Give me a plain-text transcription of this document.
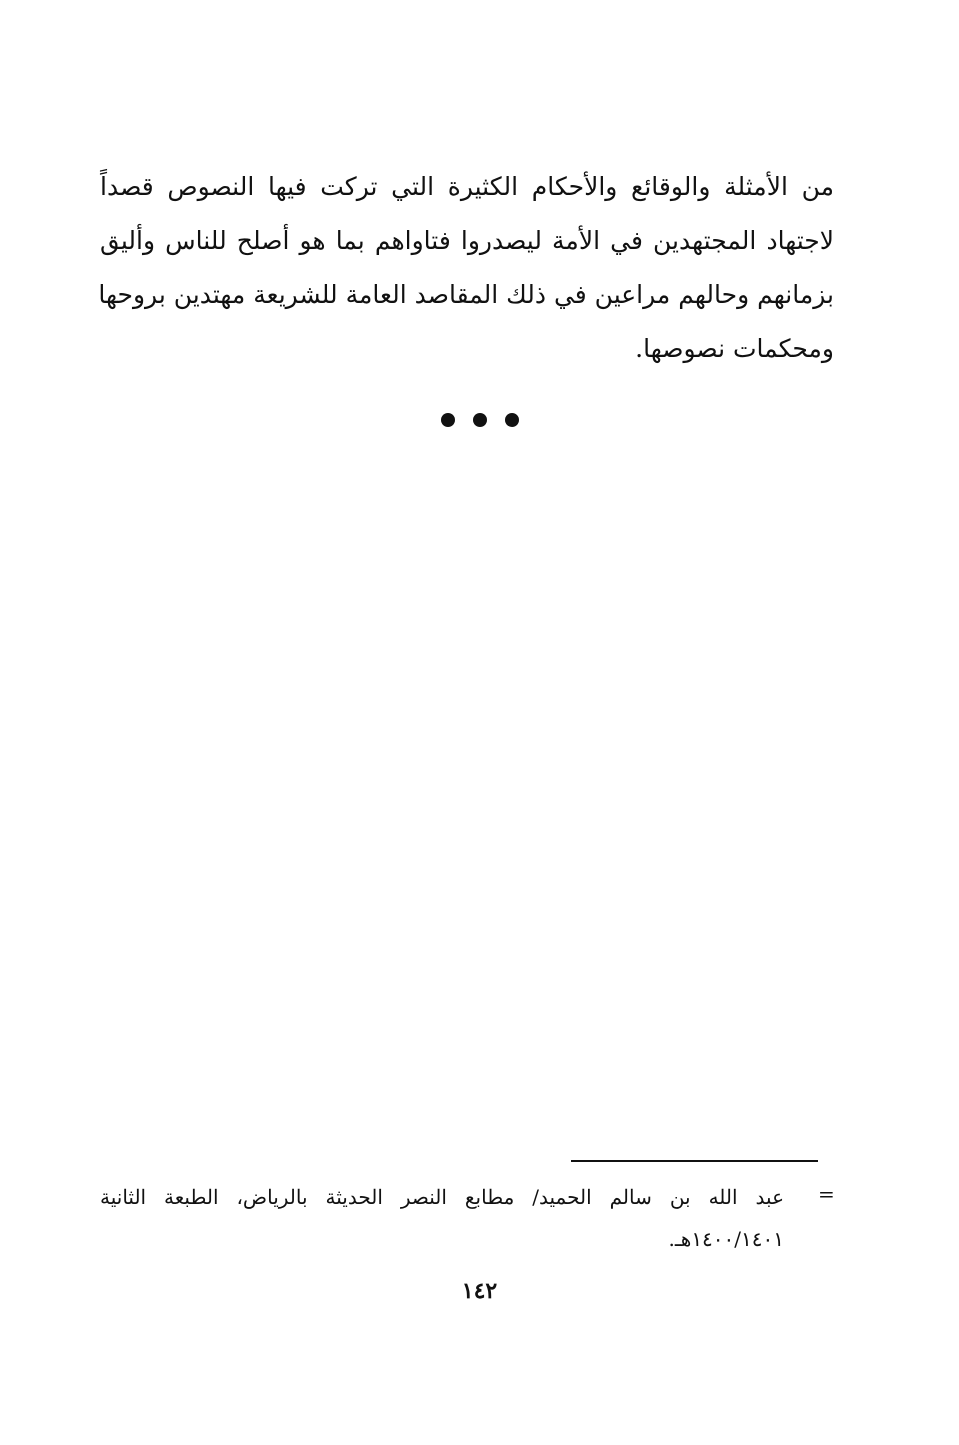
من الأمثلة والوقائع والأحكام الكثيرة التي تركت فيها النصوص قصداً
لاجتهاد المجتهدين في الأمة ليصدروا فتاواهم بما هو أصلح للناس وأليق
بزمانهم وحالهم مراعين في ذلك المقاصد العامة للشريعة مهتدين بروحها
ومحكمات نصوصها.
=
عبد الله بن سالم الحميد/ مطابع النصر الحديثة بالرياض، الطبعة الثانية
١٤٠٠/١٤٠١هـ.
١٤٢
